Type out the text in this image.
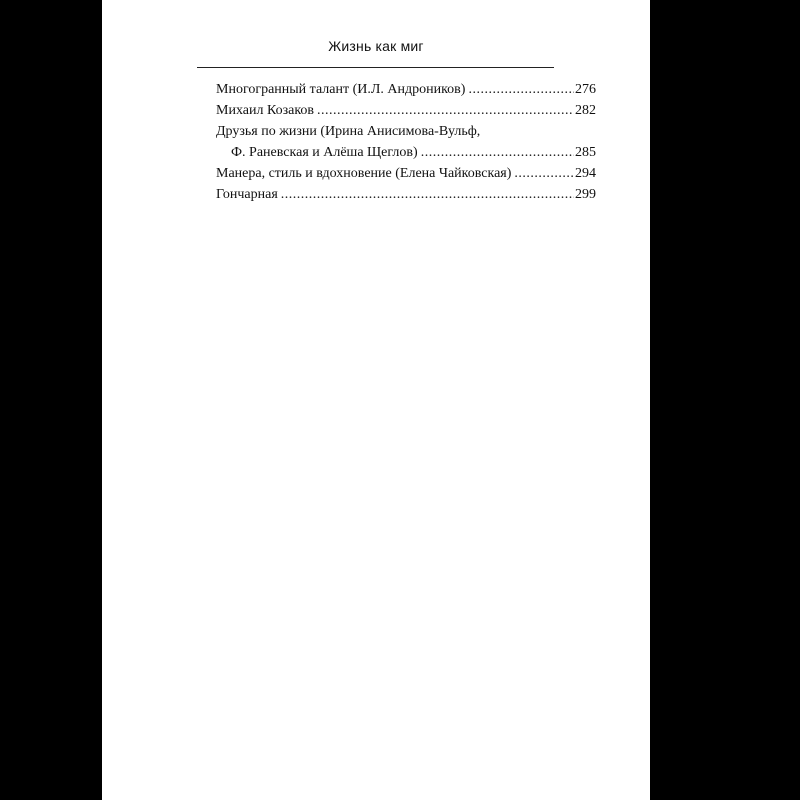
Жизнь как миг
Многогранный талант (И.Л. Андроников) .....	276
Михаил Козаков .....	282
Друзья по жизни (Ирина Анисимова-Вульф,
Ф. Раневская и Алёша Щеглов) .....	285
Манера, стиль и вдохновение (Елена Чайковская) .....	294
Гончарная .....	299
